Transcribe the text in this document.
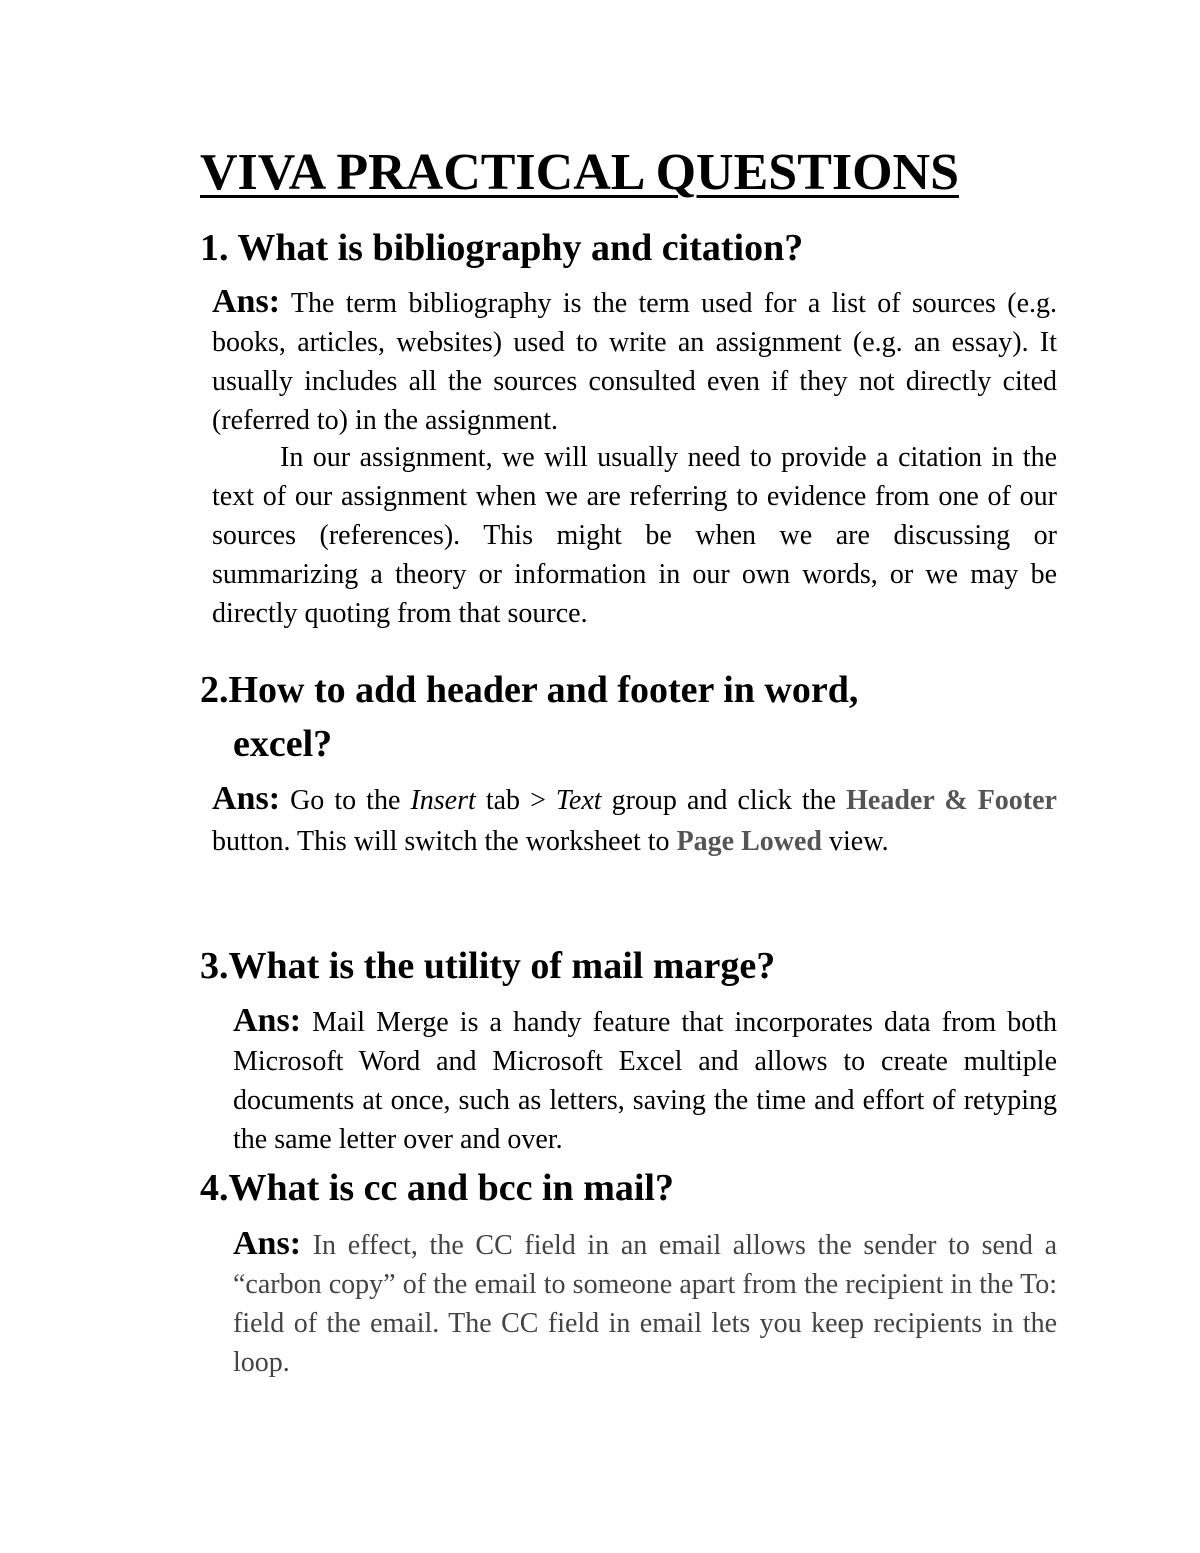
VIVA PRACTICAL QUESTIONS
1. What is bibliography and citation?
Ans: The term bibliography is the term used for a list of sources (e.g. books, articles, websites) used to write an assignment (e.g. an essay). It usually includes all the sources consulted even if they not directly cited (referred to) in the assignment.
In our assignment, we will usually need to provide a citation in the text of our assignment when we are referring to evidence from one of our sources (references). This might be when we are discussing or summarizing a theory or information in our own words, or we may be directly quoting from that source.
2.How to add header and footer in word,
excel?
Ans: Go to the Insert tab > Text group and click the Header & Footer button. This will switch the worksheet to Page Lowed view.
3.What is the utility of mail marge?
Ans: Mail Merge is a handy feature that incorporates data from both Microsoft Word and Microsoft Excel and allows to create multiple documents at once, such as letters, saving the time and effort of retyping the same letter over and over.
4.What is cc and bcc in mail?
Ans: In effect, the CC field in an email allows the sender to send a “carbon copy” of the email to someone apart from the recipient in the To: field of the email. The CC field in email lets you keep recipients in the loop.
